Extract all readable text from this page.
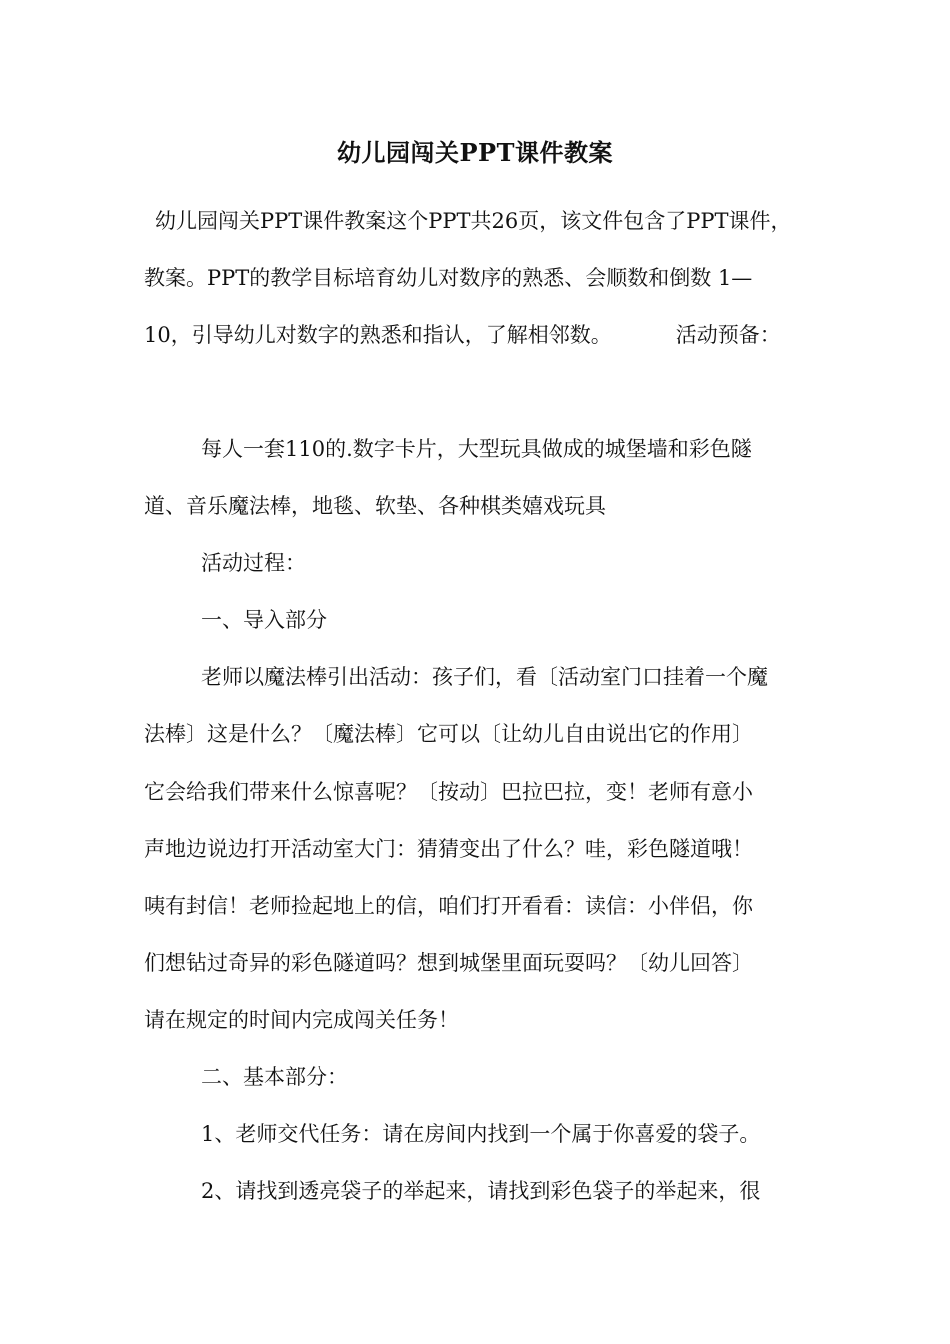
幼儿园闯关PPT课件教案
幼儿园闯关PPT课件教案这个PPT共26页，该文件包含了PPT课件，
教案。PPT的教学目标培育幼儿对数序的熟悉、会顺数和倒数 1—
10，引导幼儿对数字的熟悉和指认，了解相邻数。	活动预备：
每人一套110的.数字卡片，大型玩具做成的城堡墙和彩色隧
道、音乐魔法棒，地毯、软垫、各种棋类嬉戏玩具
活动过程：
一、导入部分
老师以魔法棒引出活动：孩子们，看〔活动室门口挂着一个魔
法棒〕这是什么？〔魔法棒〕它可以〔让幼儿自由说出它的作用〕
它会给我们带来什么惊喜呢？〔按动〕巴拉巴拉，变！老师有意小
声地边说边打开活动室大门：猜猜变出了什么？哇，彩色隧道哦！
咦有封信！老师捡起地上的信，咱们打开看看：读信：小伴侣，你
们想钻过奇异的彩色隧道吗？想到城堡里面玩耍吗？〔幼儿回答〕
请在规定的时间内完成闯关任务！
二、基本部分：
1、老师交代任务：请在房间内找到一个属于你喜爱的袋子。
2、请找到透亮袋子的举起来，请找到彩色袋子的举起来，很
